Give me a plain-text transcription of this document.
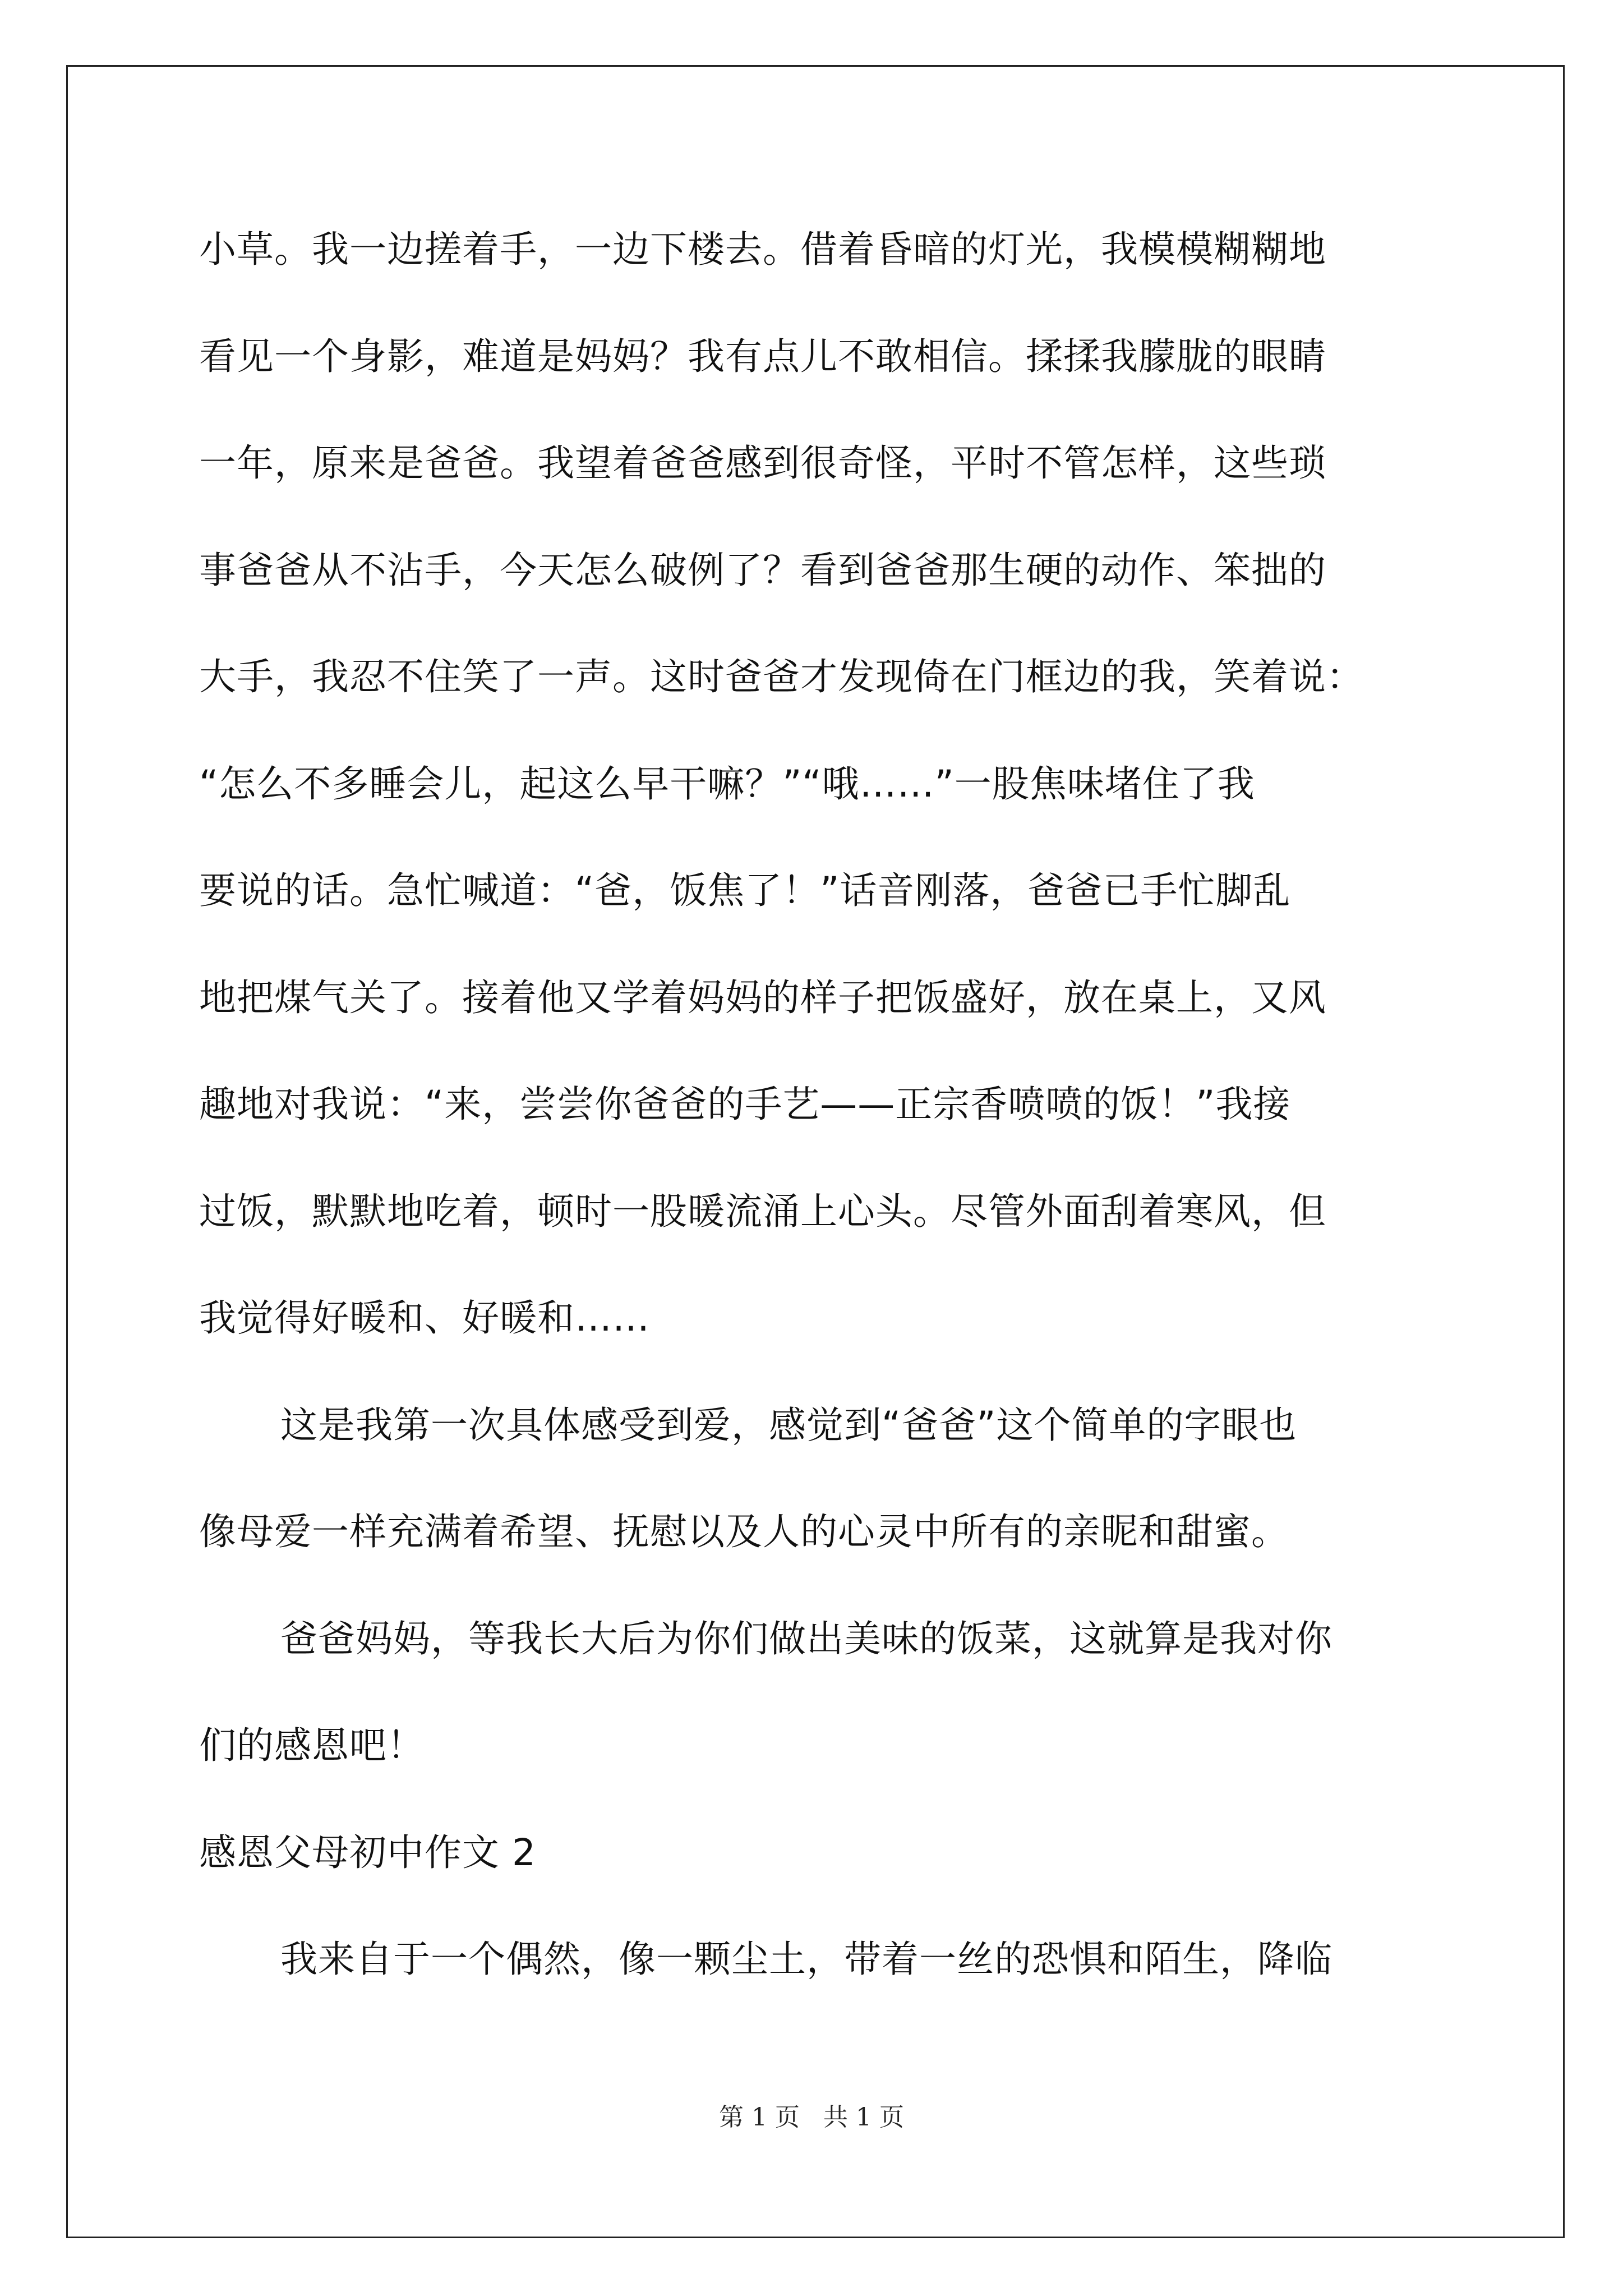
小草。我一边搓着手，一边下楼去。借着昏暗的灯光，我模模糊糊地
看见一个身影，难道是妈妈？我有点儿不敢相信。揉揉我朦胧的眼睛
一年，原来是爸爸。我望着爸爸感到很奇怪，平时不管怎样，这些琐
事爸爸从不沾手，今天怎么破例了？看到爸爸那生硬的动作、笨拙的
大手，我忍不住笑了一声。这时爸爸才发现倚在门框边的我，笑着说：
“怎么不多睡会儿，起这么早干嘛？”“哦……”一股焦味堵住了我
要说的话。急忙喊道：“爸，饭焦了！”话音刚落，爸爸已手忙脚乱
地把煤气关了。接着他又学着妈妈的样子把饭盛好，放在桌上，又风
趣地对我说：“来，尝尝你爸爸的手艺——正宗香喷喷的饭！”我接
过饭，默默地吃着，顿时一股暖流涌上心头。尽管外面刮着寒风，但
我觉得好暖和、好暖和……
这是我第一次具体感受到爱，感觉到“爸爸”这个简单的字眼也
像母爱一样充满着希望、抚慰以及人的心灵中所有的亲昵和甜蜜。
爸爸妈妈，等我长大后为你们做出美味的饭菜，这就算是我对你
们的感恩吧！
感恩父母初中作文 2
我来自于一个偶然，像一颗尘土，带着一丝的恐惧和陌生，降临
第 1 页 共 1 页
